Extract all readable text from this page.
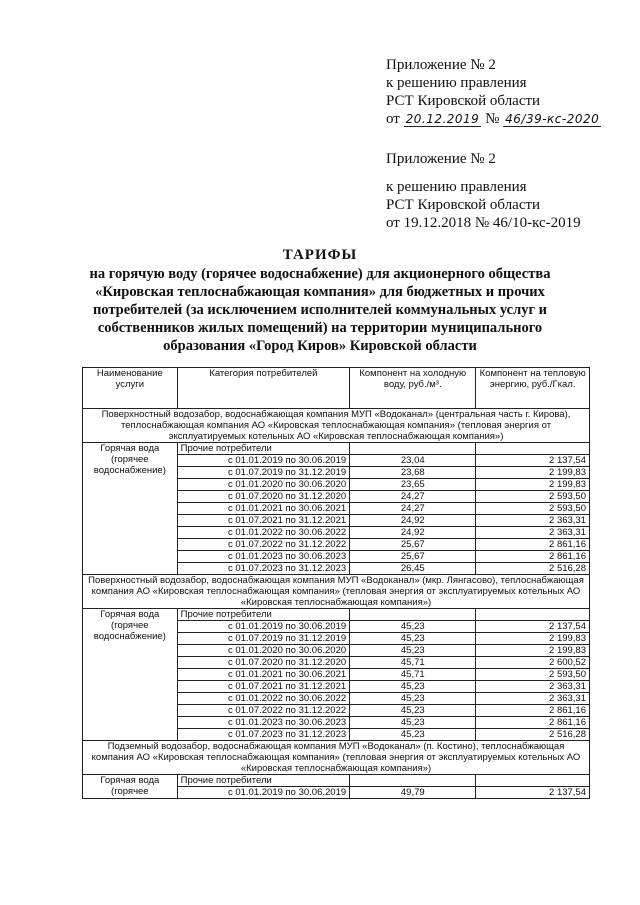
Приложение № 2
к решению правления
РСТ Кировской области
от 20.12.2019 № 46/39-кс-2020
Приложение № 2
к решению правления
РСТ Кировской области
от 19.12.2018 № 46/10-кс-2019
ТАРИФЫ
на горячую воду (горячее водоснабжение) для акционерного общества
«Кировская теплоснабжающая компания» для бюджетных и прочих
потребителей (за исключением исполнителей коммунальных услуг и
собственников жилых помещений) на территории муниципального
образования «Город Киров» Кировской области
Наименование услуги	Категория потребителей	Компонент на холодную воду, руб./м³.	Компонент на тепловую энергию, руб./Гкал.
Поверхностный водозабор, водоснабжающая компания МУП «Водоканал» (центральная часть г. Кирова), теплоснабжающая компания АО «Кировская теплоснабжающая компания» (тепловая энергия от эксплуатируемых котельных АО «Кировская теплоснабжающая компания»)			
Горячая вода (горячее водоснабжение)	Прочие потребители		
	с 01.01.2019 по 30.06.2019	23,04	2 137,54
	с 01.07.2019 по 31.12.2019	23,68	2 199,83
	с 01.01.2020 по 30.06.2020	23,65	2 199,83
	с 01.07.2020 по 31.12.2020	24,27	2 593,50
	с 01.01.2021 по 30.06.2021	24,27	2 593,50
	с 01.07.2021 по 31.12.2021	24,92	2 363,31
	с 01.01.2022 по 30.06.2022	24,92	2 363,31
	с 01.07.2022 по 31.12.2022	25,67	2 861,16
	с 01.01.2023 по 30.06.2023	25,67	2 861,16
	с 01.07.2023 по 31.12.2023	26,45	2 516,28
Поверхностный водозабор, водоснабжающая компания МУП «Водоканал» (мкр. Лянгасово), теплоснабжающая компания АО «Кировская теплоснабжающая компания» (тепловая энергия от эксплуатируемых котельных АО «Кировская теплоснабжающая компания»)			
Горячая вода (горячее водоснабжение)	Прочие потребители		
	с 01.01.2019 по 30.06.2019	45,23	2 137,54
	с 01.07.2019 по 31.12.2019	45,23	2 199,83
	с 01.01.2020 по 30.06.2020	45,23	2 199,83
	с 01.07.2020 по 31.12.2020	45,71	2 600,52
	с 01.01.2021 по 30.06.2021	45,71	2 593,50
	с 01.07.2021 по 31.12.2021	45,23	2 363,31
	с 01.01.2022 по 30.06.2022	45,23	2 363,31
	с 01.07.2022 по 31.12.2022	45,23	2 861,16
	с 01.01.2023 по 30.06.2023	45,23	2 861,16
	с 01.07.2023 по 31.12.2023	45,23	2 516,28
Подземный водозабор, водоснабжающая компания МУП «Водоканал» (п. Костино), теплоснабжающая компания АО «Кировская теплоснабжающая компания» (тепловая энергия от эксплуатируемых котельных АО «Кировская теплоснабжающая компания»)			
Горячая вода (горячее	Прочие потребители		
	с 01.01.2019 по 30.06.2019	49,79	2 137,54
